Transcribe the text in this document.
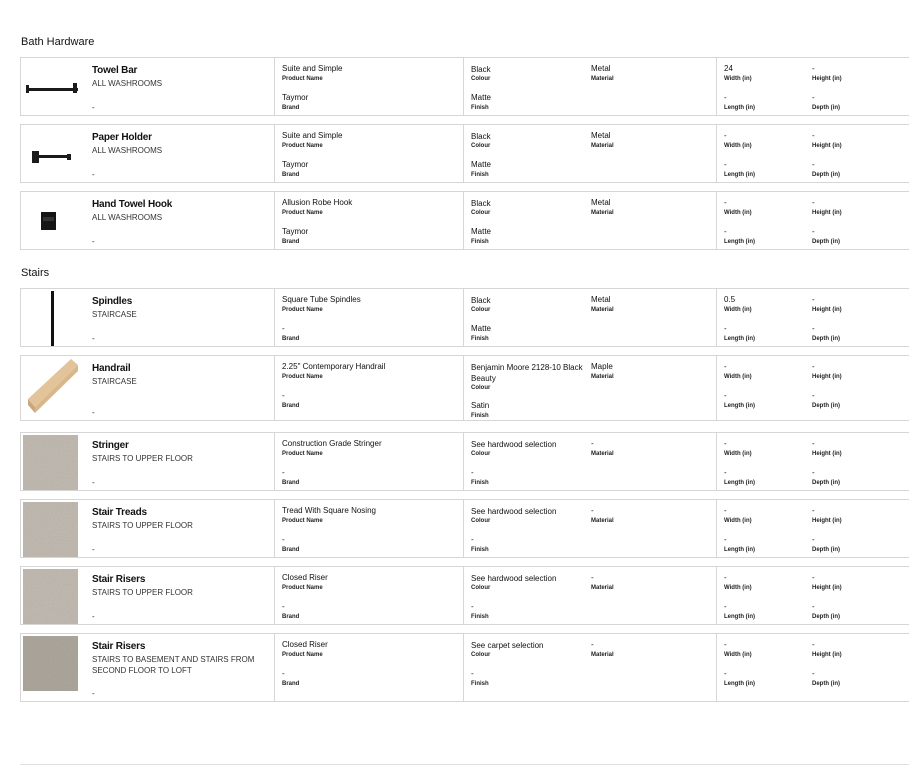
Bath Hardware
Stairs
Towel Bar
ALL WASHROOMS
-
Suite and Simple
Product Name
Taymor
Brand
Black
Colour
Matte
Finish
Metal
Material
24
Width (in)
-
Height (in)
-
Length (in)
-
Depth (in)
Paper Holder
ALL WASHROOMS
-
Suite and Simple
Product Name
Taymor
Brand
Black
Colour
Matte
Finish
Metal
Material
-
Width (in)
-
Height (in)
-
Length (in)
-
Depth (in)
Hand Towel Hook
ALL WASHROOMS
-
Allusion Robe Hook
Product Name
Taymor
Brand
Black
Colour
Matte
Finish
Metal
Material
-
Width (in)
-
Height (in)
-
Length (in)
-
Depth (in)
Spindles
STAIRCASE
-
Square Tube Spindles
Product Name
-
Brand
Black
Colour
Matte
Finish
Metal
Material
0.5
Width (in)
-
Height (in)
-
Length (in)
-
Depth (in)
Handrail
STAIRCASE
-
2.25" Contemporary Handrail
Product Name
-
Brand
Benjamin Moore 2128-10 Black Beauty
Colour
Satin
Finish
Maple
Material
-
Width (in)
-
Height (in)
-
Length (in)
-
Depth (in)
Stringer
STAIRS TO UPPER FLOOR
-
Construction Grade Stringer
Product Name
-
Brand
See hardwood selection
Colour
-
Finish
-
Material
-
Width (in)
-
Height (in)
-
Length (in)
-
Depth (in)
Stair Treads
STAIRS TO UPPER FLOOR
-
Tread With Square Nosing
Product Name
-
Brand
See hardwood selection
Colour
-
Finish
-
Material
-
Width (in)
-
Height (in)
-
Length (in)
-
Depth (in)
Stair Risers
STAIRS TO UPPER FLOOR
-
Closed Riser
Product Name
-
Brand
See hardwood selection
Colour
-
Finish
-
Material
-
Width (in)
-
Height (in)
-
Length (in)
-
Depth (in)
Stair Risers
STAIRS TO BASEMENT AND STAIRS FROM SECOND FLOOR TO LOFT
-
Closed Riser
Product Name
-
Brand
See carpet selection
Colour
-
Finish
-
Material
-
Width (in)
-
Height (in)
-
Length (in)
-
Depth (in)
